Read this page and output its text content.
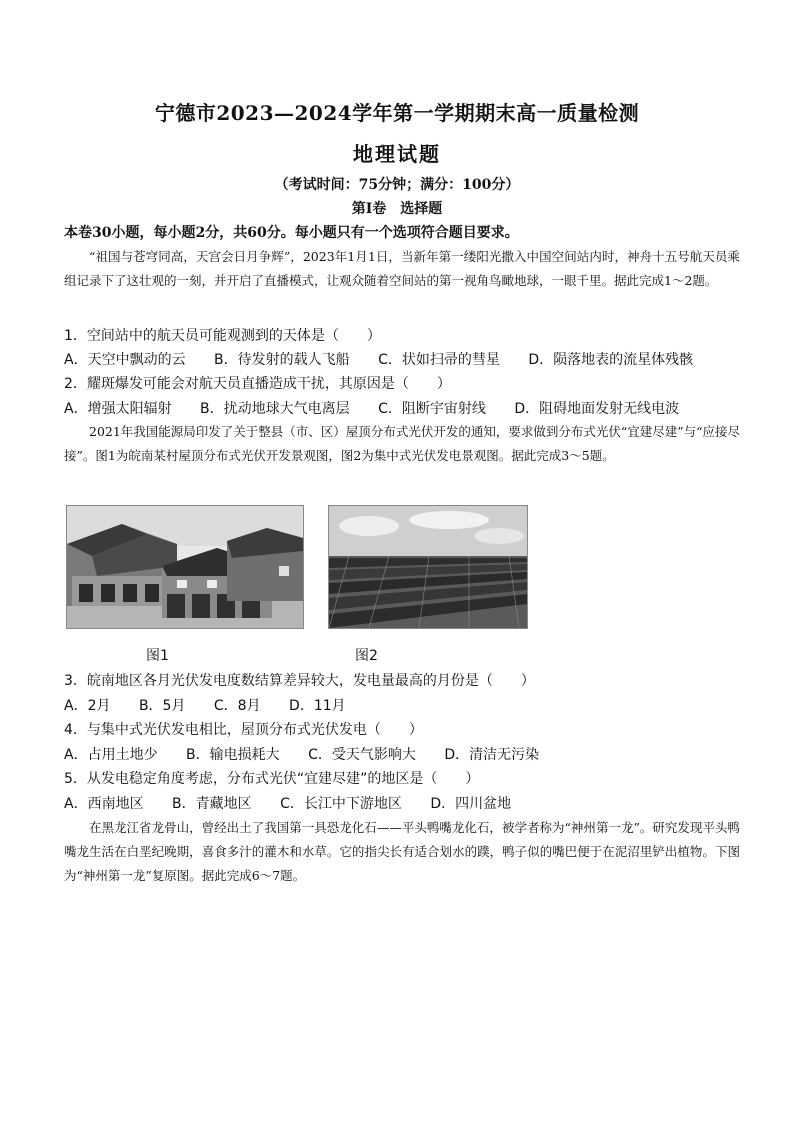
宁德市2023—2024学年第一学期期末高一质量检测
地理试题
（考试时间：75分钟；满分：100分）
第Ⅰ卷　选择题
本卷30小题，每小题2分，共60分。每小题只有一个选项符合题目要求。
“祖国与苍穹同高，天宫会日月争辉”，2023年1月1日，当新年第一缕阳光撒入中国空间站内时，神舟十五号航天员乘组记录下了这壮观的一刻，并开启了直播模式，让观众随着空间站的第一视角鸟瞰地球，一眼千里。据此完成1～2题。
1．空间站中的航天员可能观测到的天体是（　　）
A．天空中飘动的云 B．待发射的载人飞船 C．状如扫帚的彗星 D．陨落地表的流星体残骸
2．耀斑爆发可能会对航天员直播造成干扰，其原因是（　　）
A．增强太阳辐射 B．扰动地球大气电离层 C．阻断宇宙射线 D．阻碍地面发射无线电波
2021年我国能源局印发了关于整县（市、区）屋顶分布式光伏开发的通知，要求做到分布式光伏“宜建尽建”与“应接尽接”。图1为皖南某村屋顶分布式光伏开发景观图，图2为集中式光伏发电景观图。据此完成3～5题。
图1	图2
3．皖南地区各月光伏发电度数结算差异较大，发电量最高的月份是（　　）
A．2月 B．5月 C．8月 D．11月
4．与集中式光伏发电相比，屋顶分布式光伏发电（　　）
A．占用土地少 B．输电损耗大 C．受天气影响大 D．清洁无污染
5．从发电稳定角度考虑，分布式光伏“宜建尽建”的地区是（　　）
A．西南地区 B．青藏地区 C．长江中下游地区 D．四川盆地
在黑龙江省龙骨山，曾经出土了我国第一具恐龙化石——平头鸭嘴龙化石，被学者称为“神州第一龙”。研究发现平头鸭嘴龙生活在白垩纪晚期，喜食多汁的灌木和水草。它的指尖长有适合划水的蹼，鸭子似的嘴巴便于在泥沼里铲出植物。下图为“神州第一龙”复原图。据此完成6～7题。
